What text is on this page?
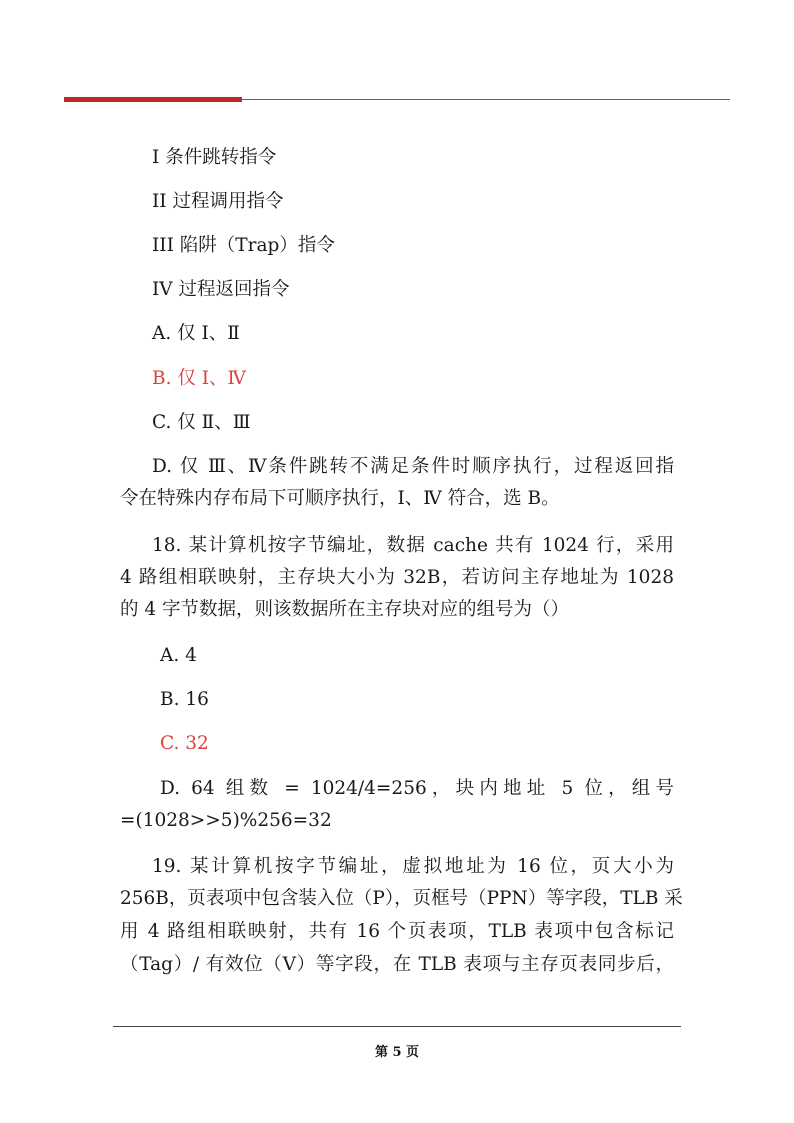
I 条件跳转指令
II 过程调用指令
III 陷阱（Trap）指令
IV 过程返回指令
A. 仅 Ⅰ、Ⅱ
B. 仅 Ⅰ、Ⅳ
C. 仅 Ⅱ、Ⅲ
D. 仅 Ⅲ、Ⅳ条件跳转不满足条件时顺序执行，过程返回指
令在特殊内存布局下可顺序执行，Ⅰ、Ⅳ 符合，选 B。
18. 某计算机按字节编址，数据 cache 共有 1024 行，采用
4 路组相联映射，主存块大小为 32B，若访问主存地址为 1028
的 4 字节数据，则该数据所在主存块对应的组号为（）
A. 4
B. 16
C. 32
D. 64 组数 = 1024/4=256，块内地址 5 位，组号
=(1028>>5)%256=32
19. 某计算机按字节编址，虚拟地址为 16 位，页大小为
256B，页表项中包含装入位（P），页框号（PPN）等字段，TLB 采
用 4 路组相联映射，共有 16 个页表项，TLB 表项中包含标记
（Tag）/ 有效位（V）等字段，在 TLB 表项与主存页表同步后，
第 5 页
